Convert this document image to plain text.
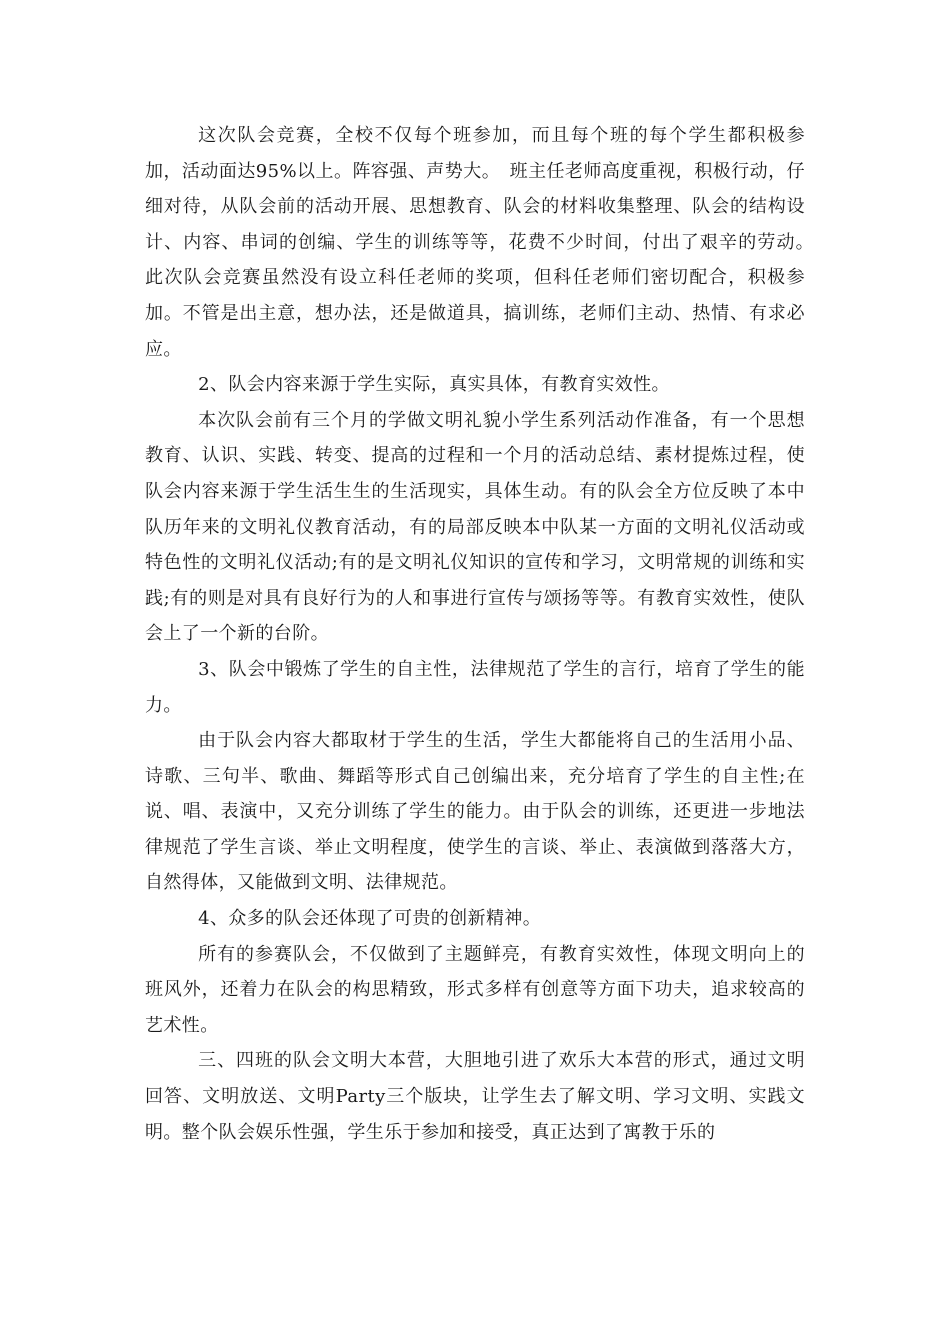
这次队会竞赛，全校不仅每个班参加，而且每个班的每个学生都积极参加，活动面达95%以上。阵容强、声势大。　班主任老师高度重视，积极行动，仔细对待，从队会前的活动开展、思想教育、队会的材料收集整理、队会的结构设计、内容、串词的创编、学生的训练等等，花费不少时间，付出了艰辛的劳动。　此次队会竞赛虽然没有设立科任老师的奖项，但科任老师们密切配合，积极参加。不管是出主意，想办法，还是做道具，搞训练，老师们主动、热情、有求必应。

2、队会内容来源于学生实际，真实具体，有教育实效性。

本次队会前有三个月的学做文明礼貌小学生系列活动作准备，有一个思想教育、认识、实践、转变、提高的过程和一个月的活动总结、素材提炼过程，使队会内容来源于学生活生生的生活现实，具体生动。有的队会全方位反映了本中队历年来的文明礼仪教育活动，有的局部反映本中队某一方面的文明礼仪活动或特色性的文明礼仪活动;有的是文明礼仪知识的宣传和学习，文明常规的训练和实践;有的则是对具有良好行为的人和事进行宣传与颂扬等等。有教育实效性，使队会上了一个新的台阶。

3、队会中锻炼了学生的自主性，法律规范了学生的言行，培育了学生的能力。

由于队会内容大都取材于学生的生活，学生大都能将自己的生活用小品、诗歌、三句半、歌曲、舞蹈等形式自己创编出来，充分培育了学生的自主性;在说、唱、表演中，又充分训练了学生的能力。由于队会的训练，还更进一步地法律规范了学生言谈、举止文明程度，使学生的言谈、举止、表演做到落落大方，自然得体，又能做到文明、法律规范。

4、众多的队会还体现了可贵的创新精神。

所有的参赛队会，不仅做到了主题鲜亮，有教育实效性，体现文明向上的班风外，还着力在队会的构思精致，形式多样有创意等方面下功夫，追求较高的艺术性。

三、四班的队会文明大本营，大胆地引进了欢乐大本营的形式，通过文明回答、文明放送、文明Party三个版块，让学生去了解文明、学习文明、实践文明。整个队会娱乐性强，学生乐于参加和接受，真正达到了寓教于乐的
